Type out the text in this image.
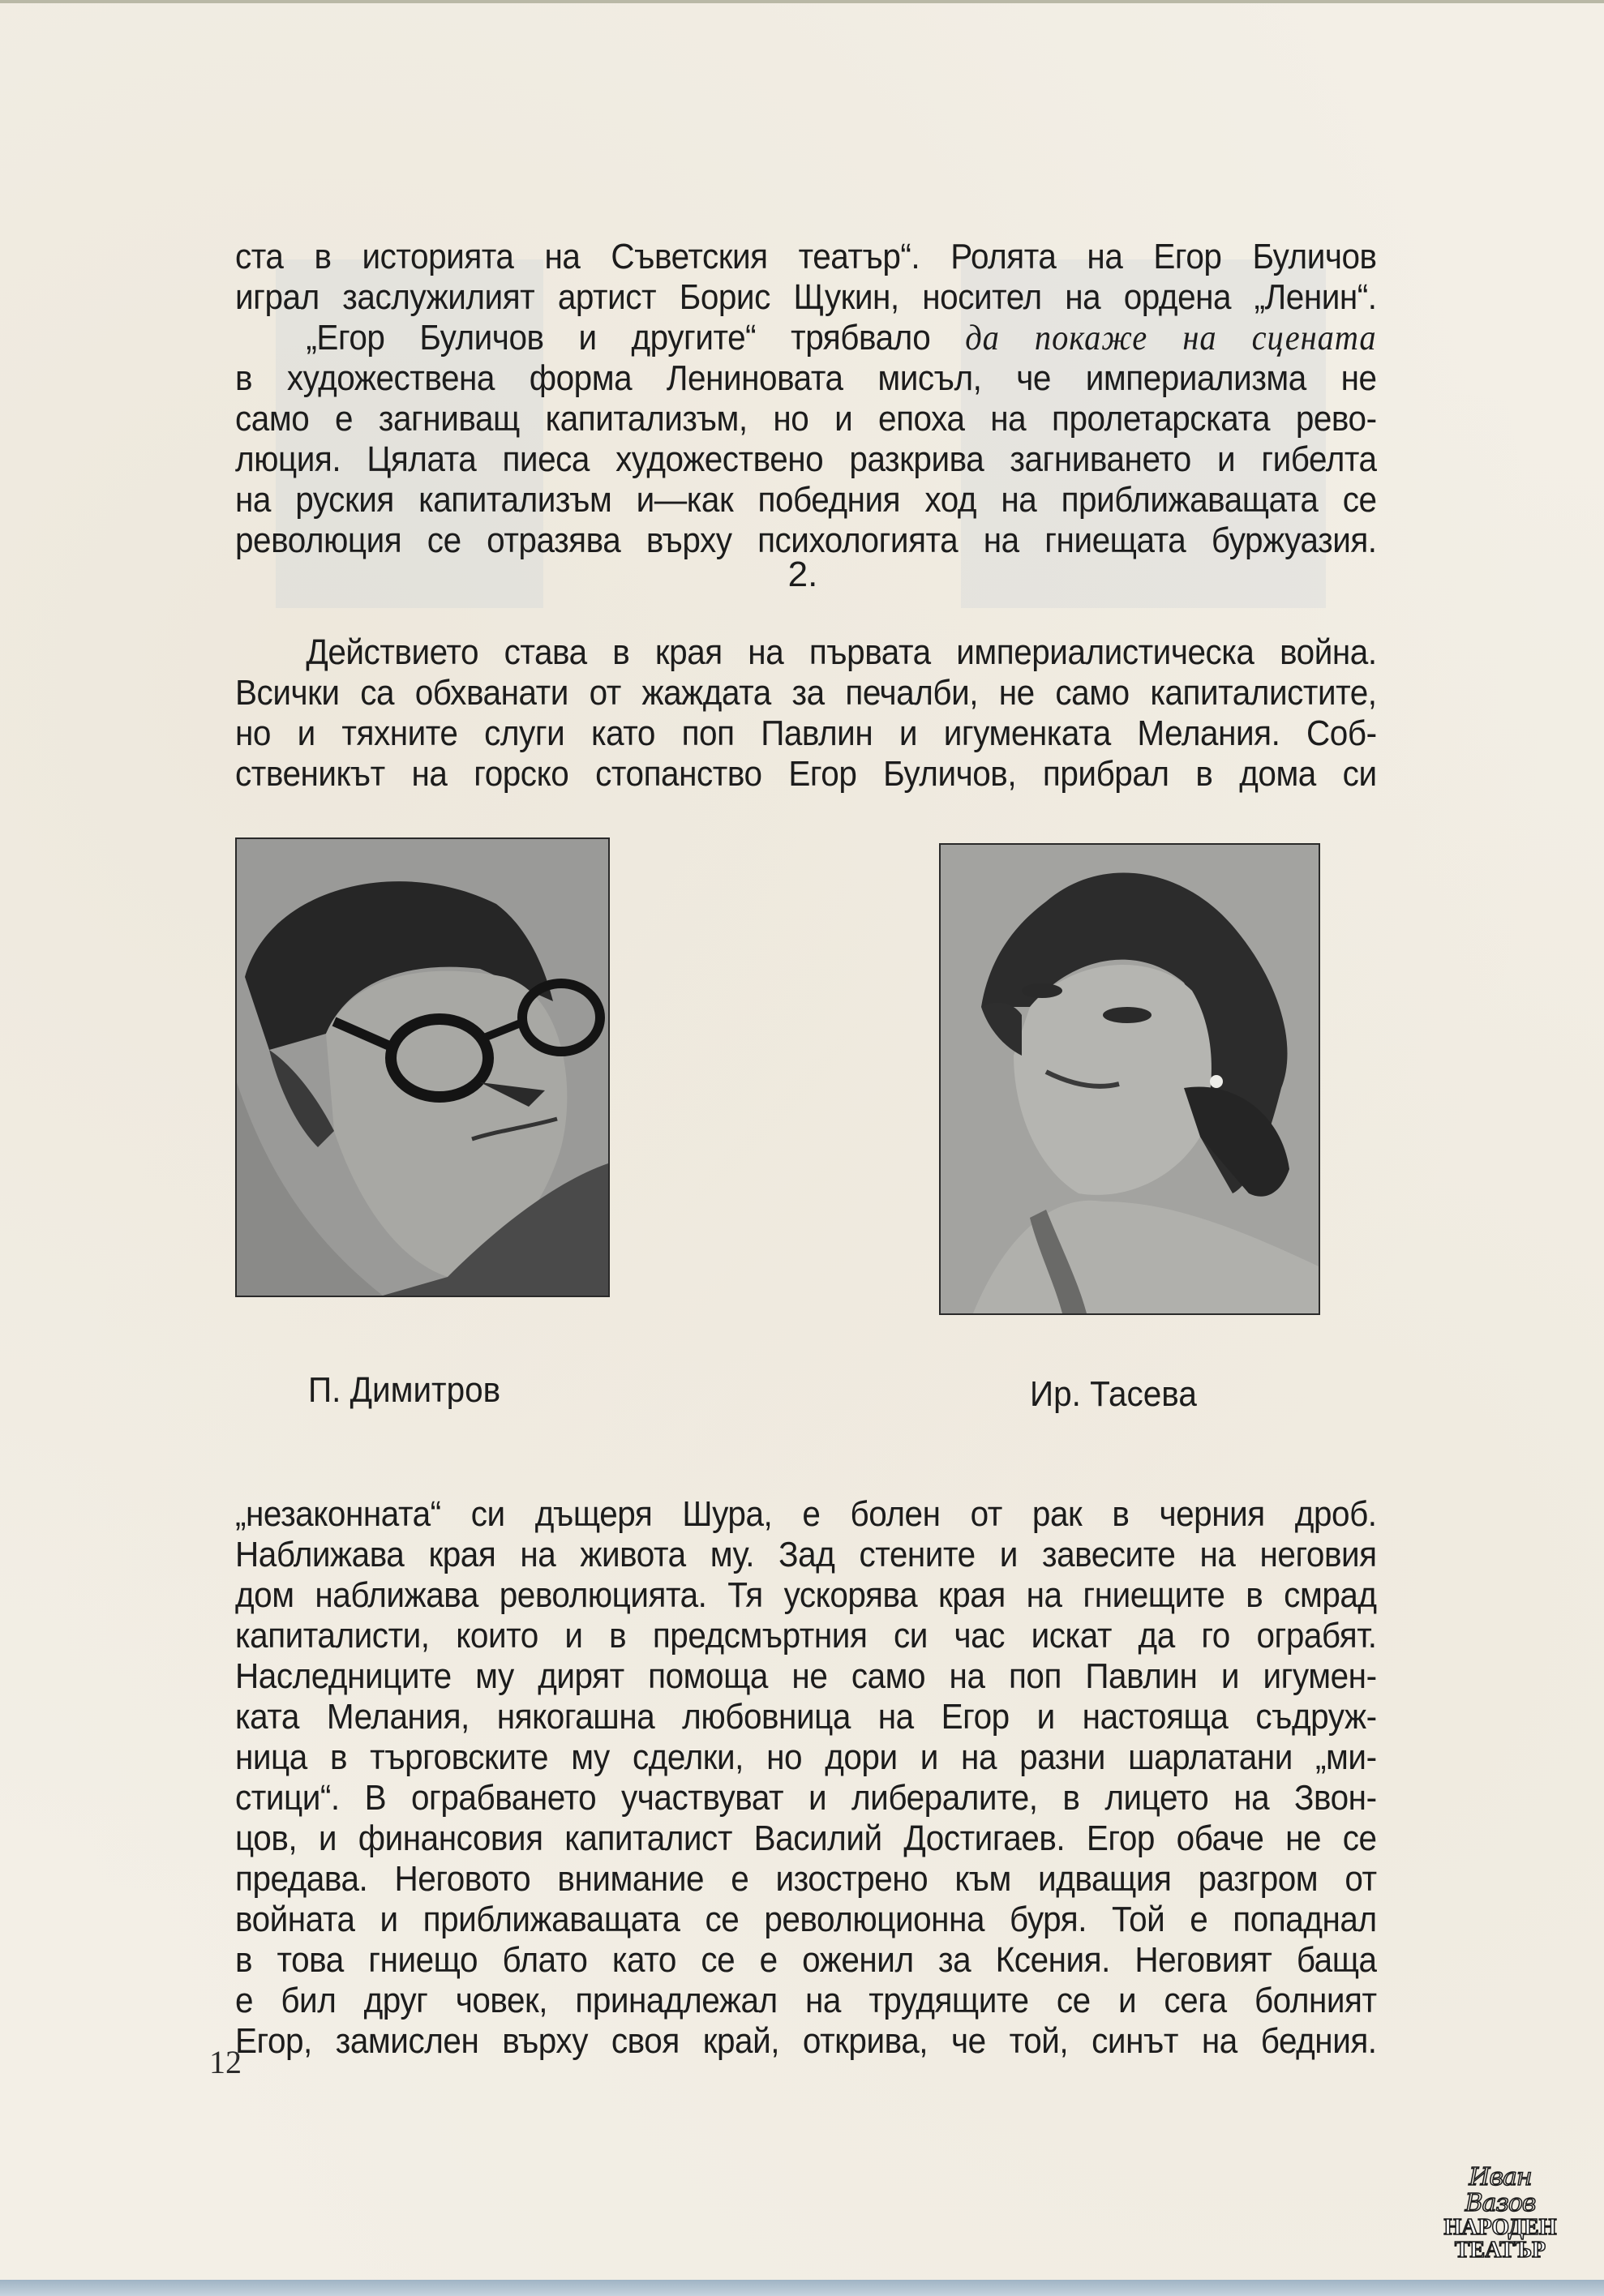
ста в историята на Съветския театър“. Ролята на Егор Буличов

играл заслужилият артист Борис Щукин, носител на ордена „Ленин“.

„Егор Буличов и другите“ трябвало да покаже на сцената

в художествена форма Лениновата мисъл, че империализма не

само е загниващ капитализъм, но и епоха на пролетарската рево-

люция. Цялата пиеса художествено разкрива загниването и гибелта

на руския капитализъм и—как победния ход на приближаващата се

революция се отразява върху психологията на гниещата буржуазия.

2.

Действието става в края на първата империалистическа война.

Всички са обхванати от жаждата за печалби, не само капиталистите,

но и тяхните слуги като поп Павлин и игуменката Мелания. Соб-

ственикът на горско стопанство Егор Буличов, прибрал в дома си

П. Димитров	Ир. Тасева

„незаконната“ си дъщеря Шура, е болен от рак в черния дроб.

Наближава края на живота му. Зад стените и завесите на неговия

дом наближава революцията. Тя ускорява края на гниещите в смрад

капиталисти, които и в предсмъртния си час искат да го ограбят.

Наследниците му дирят помоща не само на поп Павлин и игумен-

ката Мелания, някогашна любовница на Егор и настояща съдруж-

ница в търговските му сделки, но дори и на разни шарлатани „ми-

стици“. В ограбването участвуват и либералите, в лицето на Звон-

цов, и финансовия капиталист Василий Достигаев. Егор обаче не се

предава. Неговото внимание е изострено към идващия разгром от

войната и приближаващата се революционна буря. Той е попаднал

в това гниещо блато като се е оженил за Ксения. Неговият баща

е бил друг човек, принадлежал на трудящите се и сега болният

Егор, замислен върху своя край, открива, че той, синът на бедния.

12
Иван Вазов
НАРОДЕН
ТЕАТЪР
